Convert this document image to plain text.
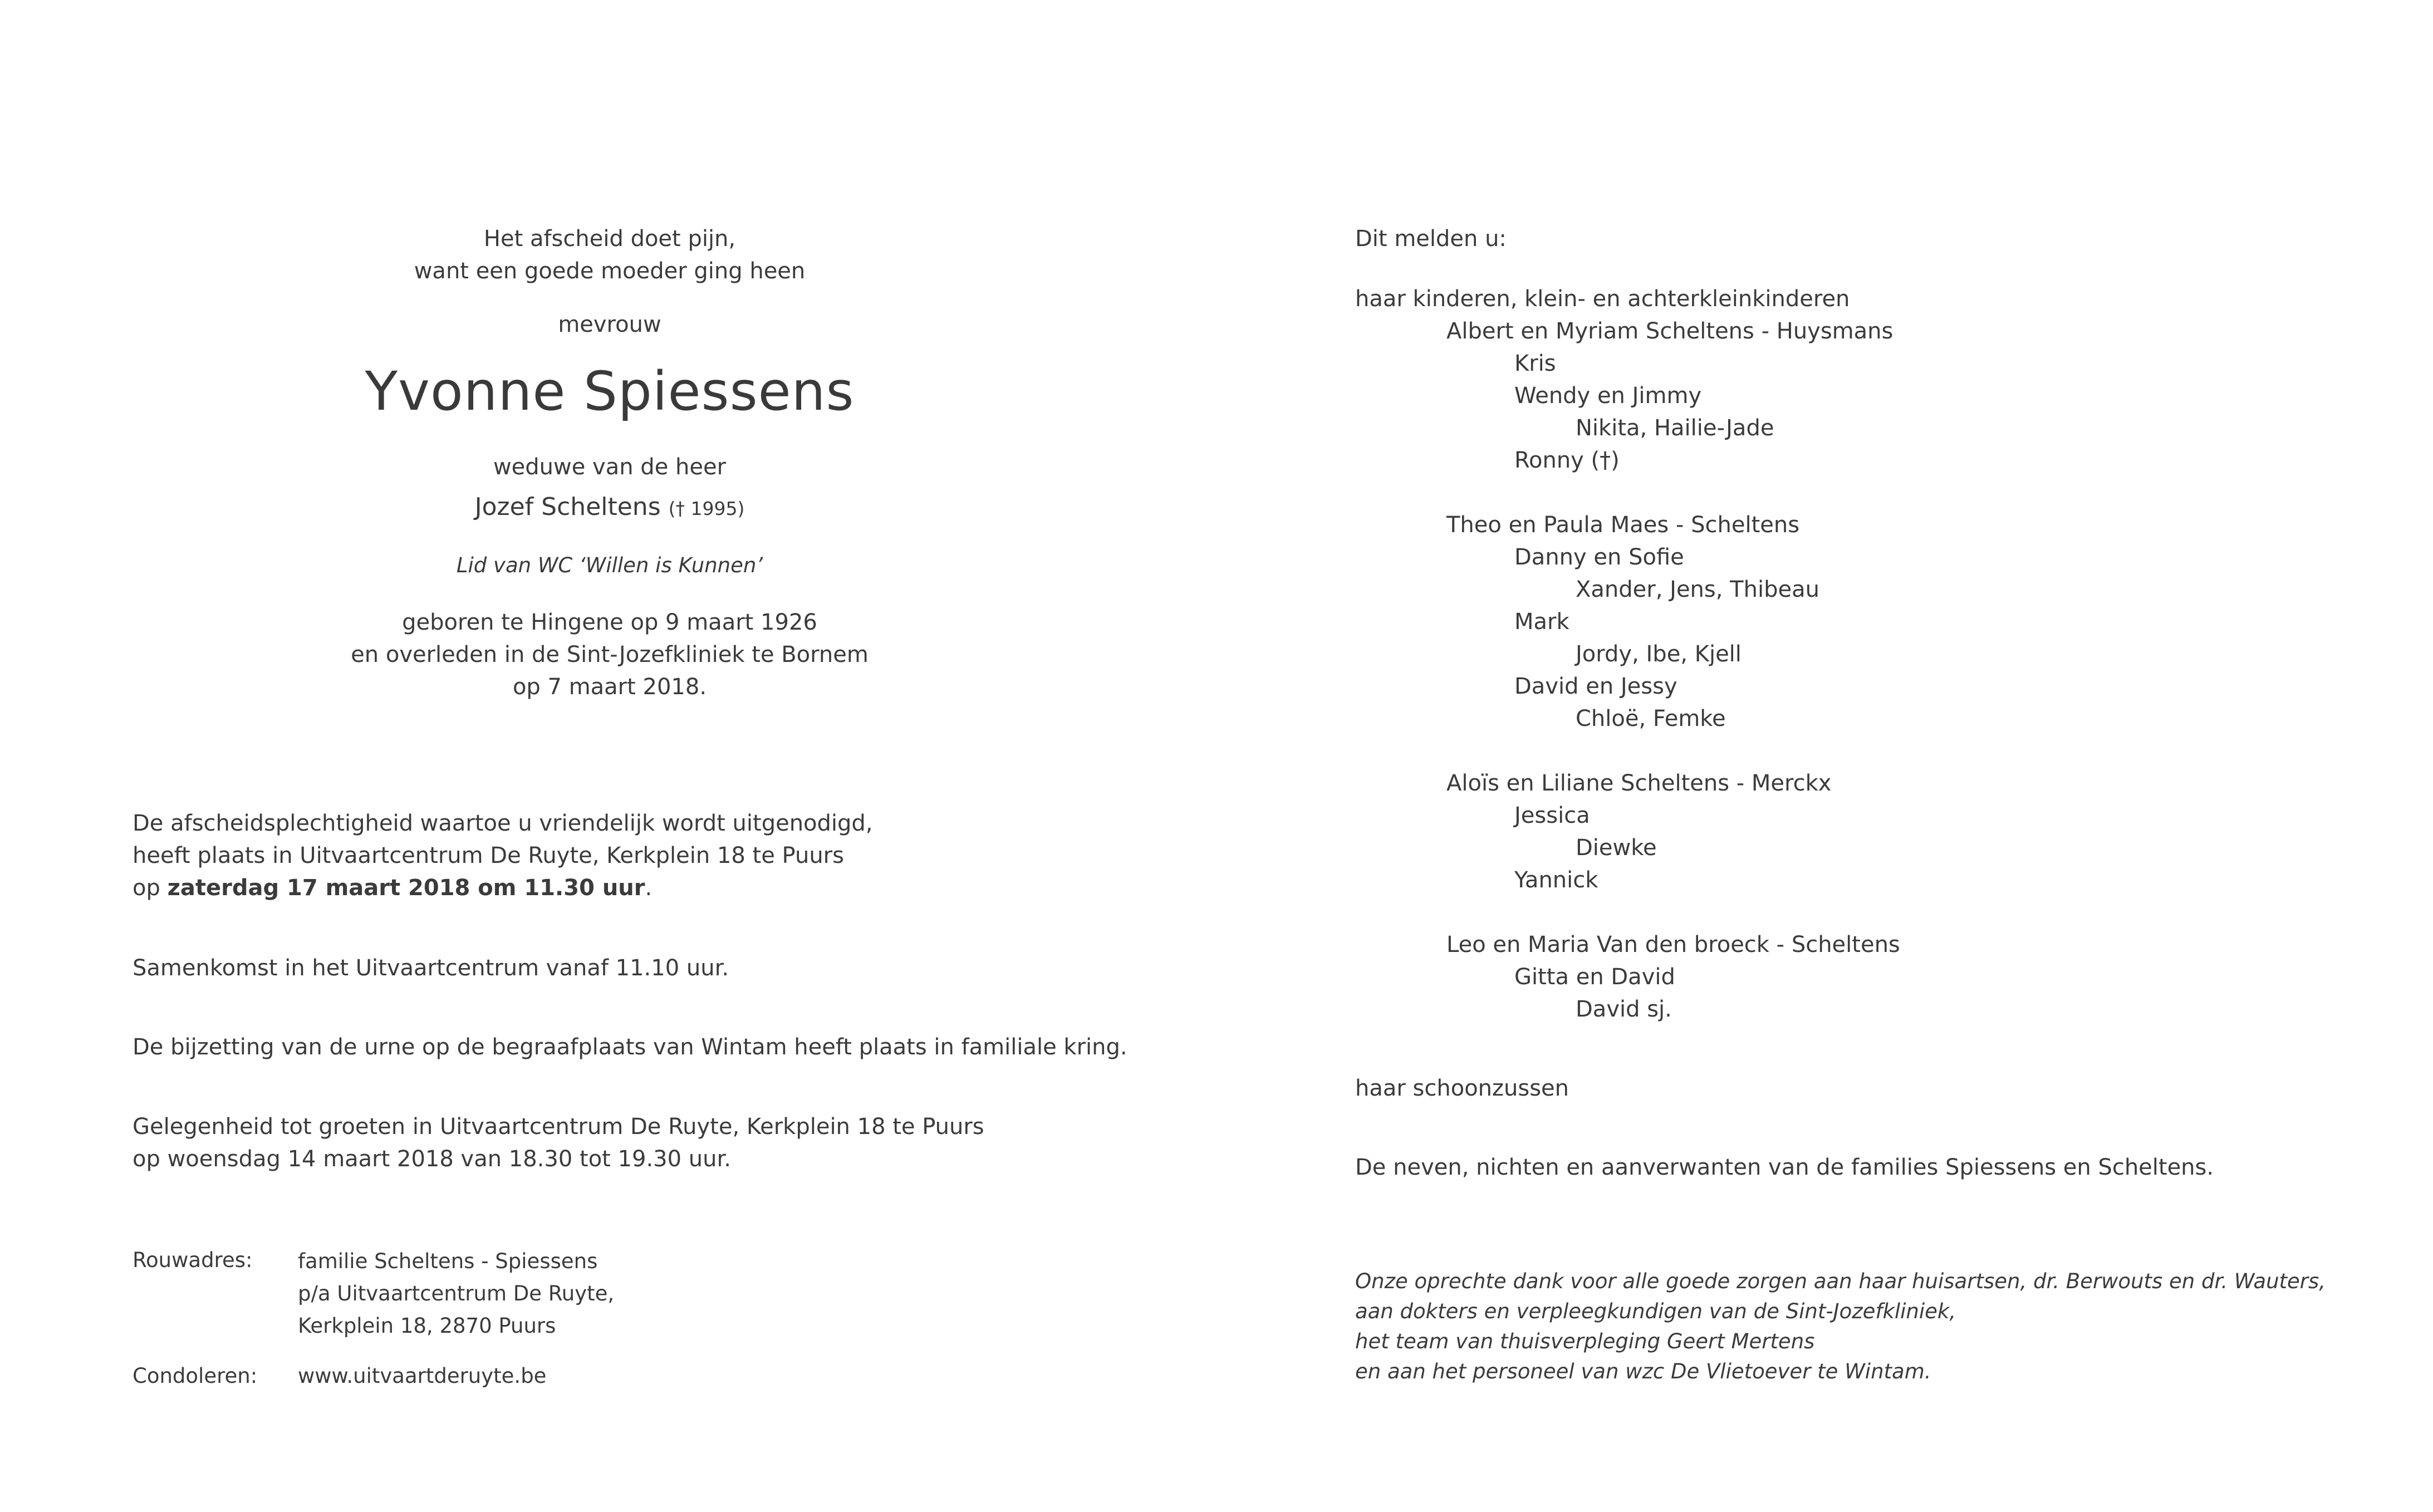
Het afscheid doet pijn,
want een goede moeder ging heen
mevrouw
Yvonne Spiessens
weduwe van de heer
Jozef Scheltens († 1995)
Lid van WC ‘Willen is Kunnen’
geboren te Hingene op 9 maart 1926
en overleden in de Sint-Jozefkliniek te Bornem
op 7 maart 2018.
De afscheidsplechtigheid waartoe u vriendelijk wordt uitgenodigd,
heeft plaats in Uitvaartcentrum De Ruyte, Kerkplein 18 te Puurs
op zaterdag 17 maart 2018 om 11.30 uur.
Samenkomst in het Uitvaartcentrum vanaf 11.10 uur.
De bijzetting van de urne op de begraafplaats van Wintam heeft plaats in familiale kring.
Gelegenheid tot groeten in Uitvaartcentrum De Ruyte, Kerkplein 18 te Puurs
op woensdag 14 maart 2018 van 18.30 tot 19.30 uur.
Rouwadres:	familie Scheltens - Spiessens
p/a Uitvaartcentrum De Ruyte,
Kerkplein 18, 2870 Puurs
Condoleren:	www.uitvaartderuyte.be
Dit melden u:
haar kinderen, klein- en achterkleinkinderen
Albert en Myriam Scheltens - Huysmans
Kris
Wendy en Jimmy
Nikita, Hailie-Jade
Ronny (†)
Theo en Paula Maes - Scheltens
Danny en Sofie
Xander, Jens, Thibeau
Mark
Jordy, Ibe, Kjell
David en Jessy
Chloë, Femke
Aloïs en Liliane Scheltens - Merckx
Jessica
Diewke
Yannick
Leo en Maria Van den broeck - Scheltens
Gitta en David
David sj.
haar schoonzussen
De neven, nichten en aanverwanten van de families Spiessens en Scheltens.
Onze oprechte dank voor alle goede zorgen aan haar huisartsen, dr. Berwouts en dr. Wauters,
aan dokters en verpleegkundigen van de Sint-Jozefkliniek,
het team van thuisverpleging Geert Mertens
en aan het personeel van wzc De Vlietoever te Wintam.
